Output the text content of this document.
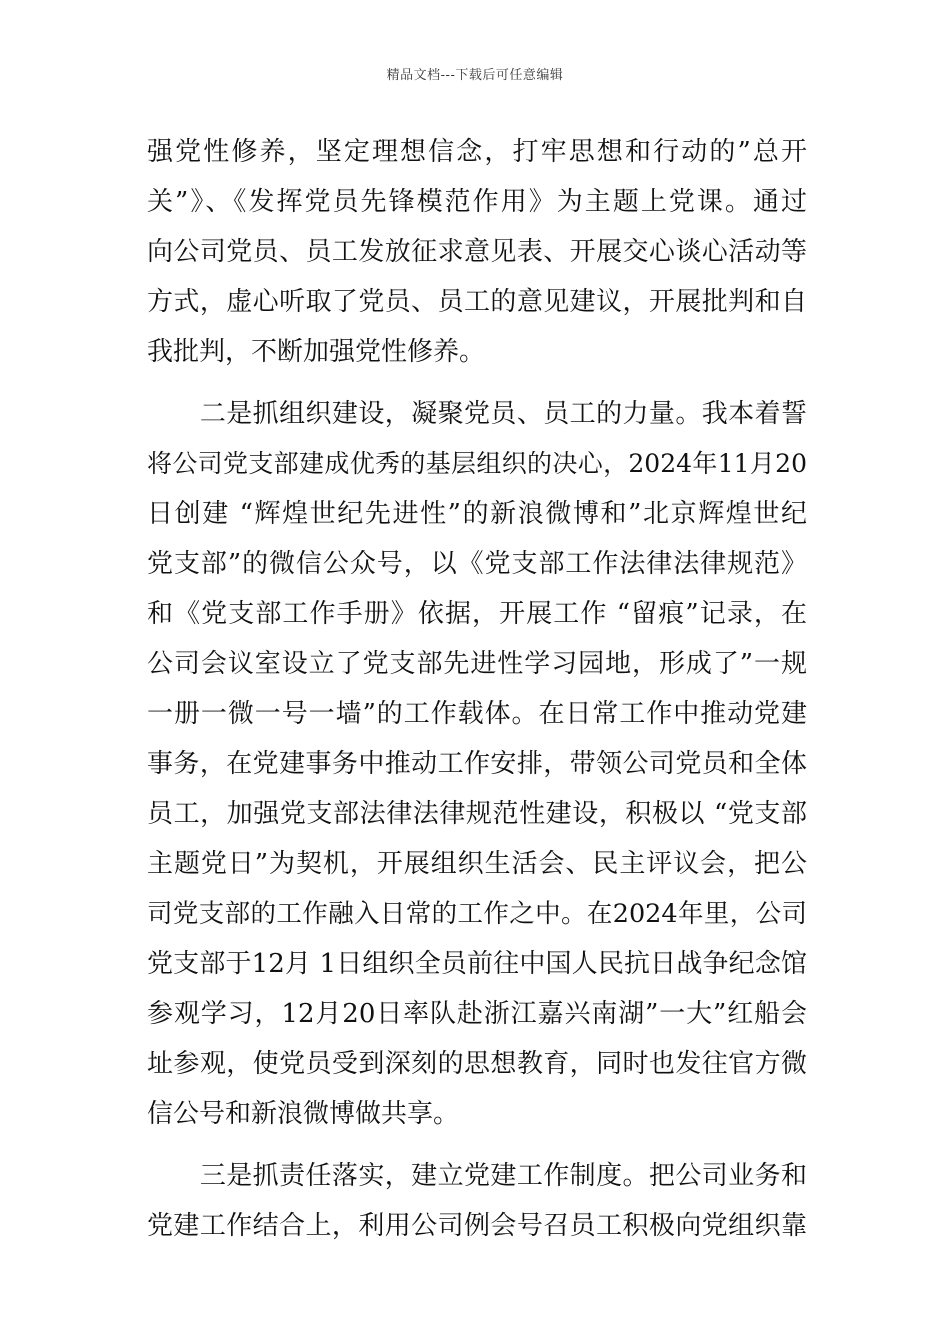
精品文档---下载后可任意编辑
强党性修养，坚定理想信念，打牢思想和行动的”总开
关”》、《发挥党员先锋模范作用》为主题上党课。通过
向公司党员、员工发放征求意见表、开展交心谈心活动等
方式，虚心听取了党员、员工的意见建议，开展批判和自
我批判，不断加强党性修养。
　　二是抓组织建设，凝聚党员、员工的力量。我本着誓
将公司党支部建成优秀的基层组织的决心，2024年11月20
日创建 “辉煌世纪先进性”的新浪微博和”北京辉煌世纪
党支部”的微信公众号，以《党支部工作法律法律规范》
和《党支部工作手册》依据，开展工作 “留痕”记录，在
公司会议室设立了党支部先进性学习园地，形成了”一规
一册一微一号一墙”的工作载体。在日常工作中推动党建
事务，在党建事务中推动工作安排，带领公司党员和全体
员工，加强党支部法律法律规范性建设，积极以 “党支部
主题党日”为契机，开展组织生活会、民主评议会，把公
司党支部的工作融入日常的工作之中。在2024年里，公司
党支部于12月 1日组织全员前往中国人民抗日战争纪念馆
参观学习，12月20日率队赴浙江嘉兴南湖”一大”红船会
址参观，使党员受到深刻的思想教育，同时也发往官方微
信公号和新浪微博做共享。
　　三是抓责任落实，建立党建工作制度。把公司业务和
党建工作结合上，利用公司例会号召员工积极向党组织靠
